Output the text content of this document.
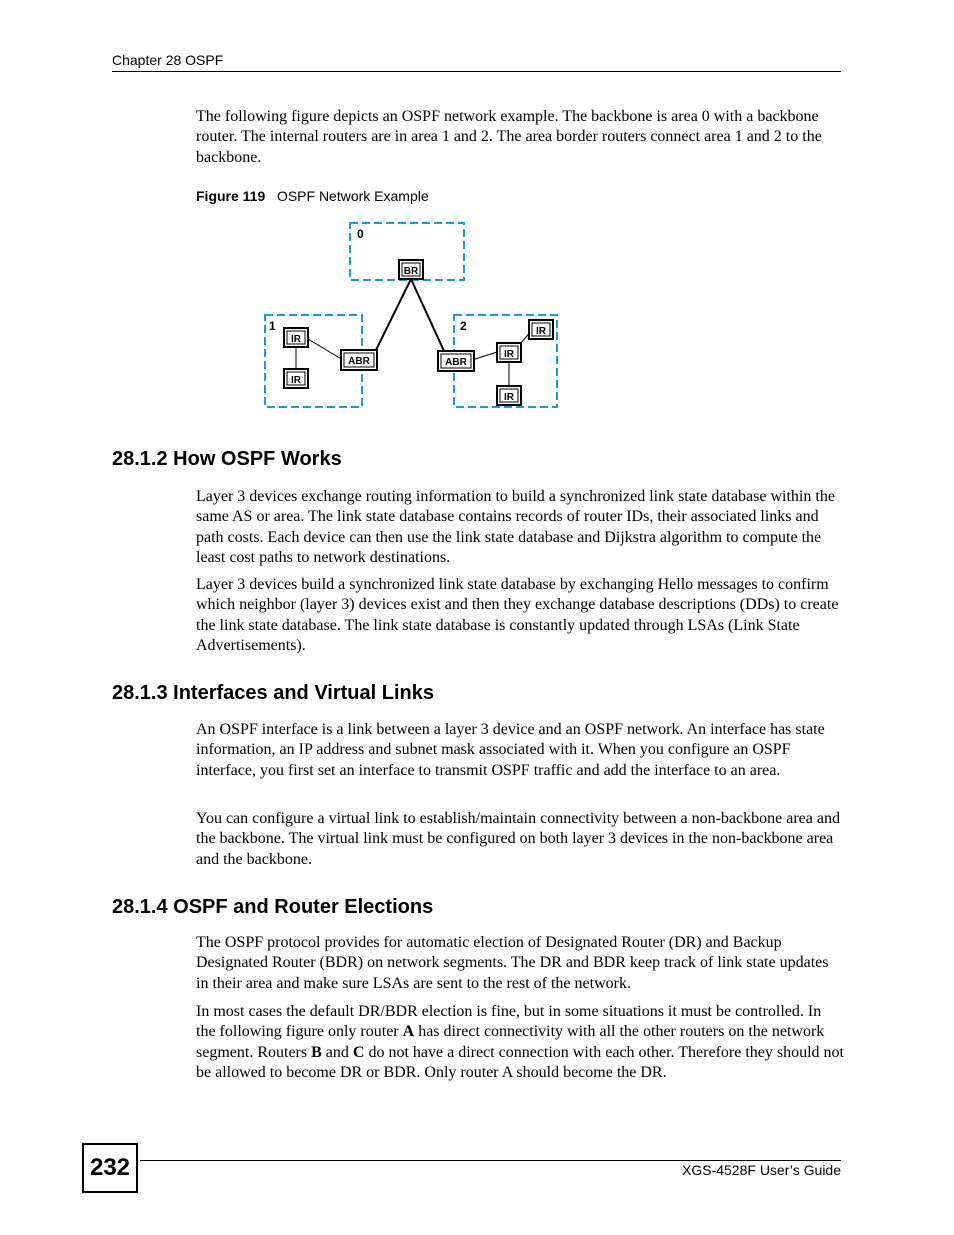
Chapter 28 OSPF

The following figure depicts an OSPF network example. The backbone is area 0 with a backbone router. The internal routers are in area 1 and 2. The area border routers connect area 1 and 2 to the backbone.

Figure 119 OSPF Network Example
0
1	2
BR
IR
IR
ABR	ABR
IR
IR
IR
28.1.2 How OSPF Works

Layer 3 devices exchange routing information to build a synchronized link state database within the same AS or area. The link state database contains records of router IDs, their associated links and path costs. Each device can then use the link state database and Dijkstra algorithm to compute the least cost paths to network destinations.

Layer 3 devices build a synchronized link state database by exchanging Hello messages to confirm which neighbor (layer 3) devices exist and then they exchange database descriptions (DDs) to create the link state database. The link state database is constantly updated through LSAs (Link State Advertisements).

28.1.3 Interfaces and Virtual Links

An OSPF interface is a link between a layer 3 device and an OSPF network. An interface has state information, an IP address and subnet mask associated with it. When you configure an OSPF interface, you first set an interface to transmit OSPF traffic and add the interface to an area.

You can configure a virtual link to establish/maintain connectivity between a non-backbone area and the backbone. The virtual link must be configured on both layer 3 devices in the non-backbone area and the backbone.

28.1.4 OSPF and Router Elections

The OSPF protocol provides for automatic election of Designated Router (DR) and Backup Designated Router (BDR) on network segments. The DR and BDR keep track of link state updates in their area and make sure LSAs are sent to the rest of the network.

In most cases the default DR/BDR election is fine, but in some situations it must be controlled. In the following figure only router A has direct connectivity with all the other routers on the network segment. Routers B and C do not have a direct connection with each other. Therefore they should not be allowed to become DR or BDR. Only router A should become the DR.

232	XGS-4528F User’s Guide
